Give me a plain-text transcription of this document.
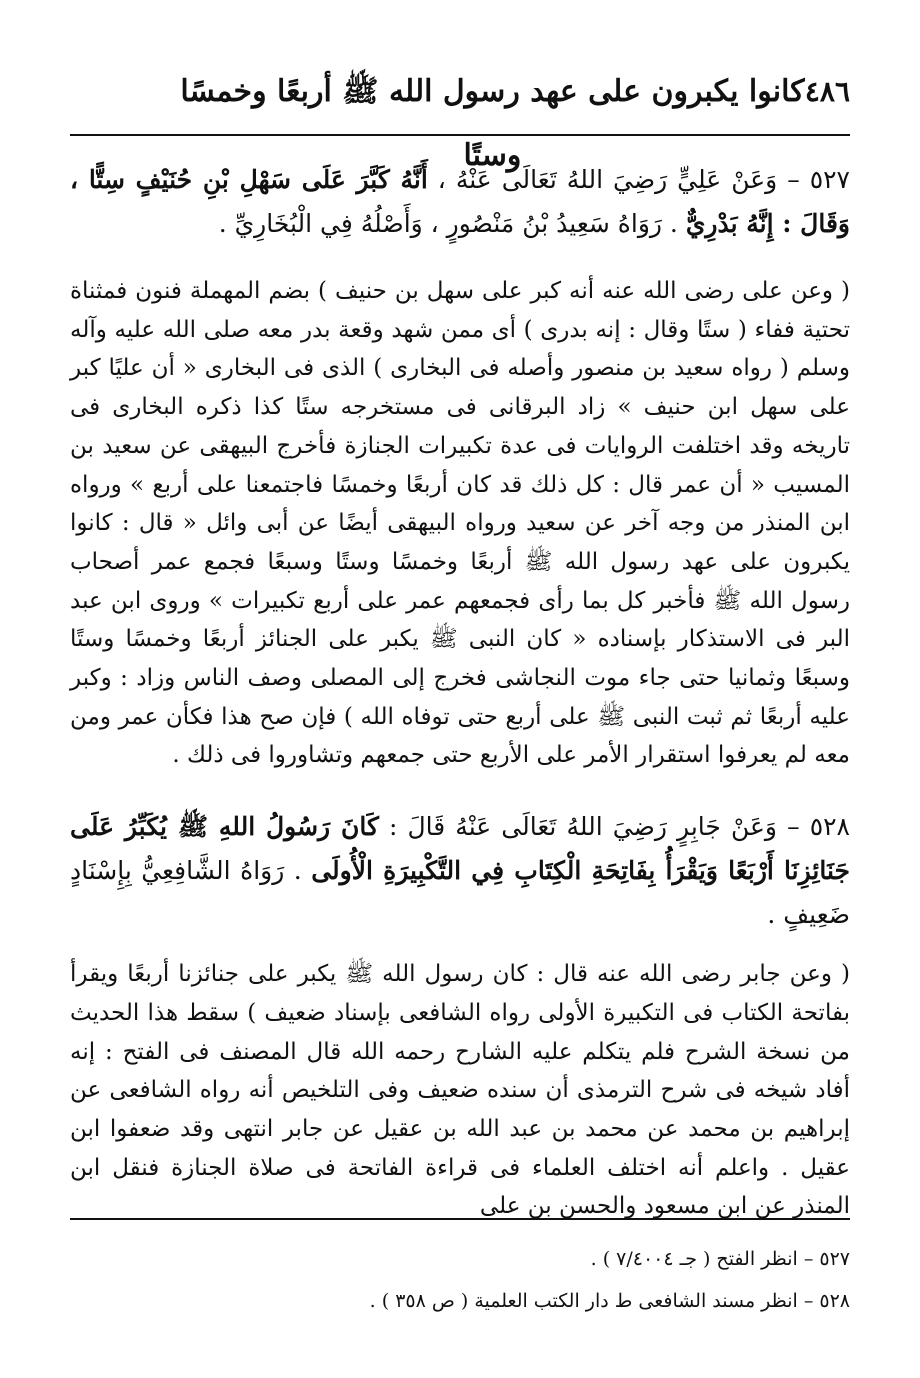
٤٨٦
كانوا يكبرون على عهد رسول الله ﷺ أربعًا وخمسًا وستًا
٥٢٧ – وَعَنْ عَلِيٍّ رَضِيَ اللهُ تَعَالَى عَنْهُ ، أَنَّهُ كَبَّرَ عَلَى سَهْلِ بْنِ حُنَيْفٍ سِتًّا ، وَقَالَ : إِنَّهُ بَدْرِيٌّ . رَوَاهُ سَعِيدُ بْنُ مَنْصُورٍ ، وَأَصْلُهُ فِي الْبُخَارِيِّ .
( وعن على رضى الله عنه أنه كبر على سهل بن حنيف ) بضم المهملة فنون فمثناة تحتية ففاء ( ستًا وقال : إنه بدرى ) أى ممن شهد وقعة بدر معه صلى الله عليه وآله وسلم ( رواه سعيد بن منصور وأصله فى البخارى ) الذى فى البخارى « أن عليًا كبر على سهل ابن حنيف » زاد البرقانى فى مستخرجه ستًا كذا ذكره البخارى فى تاريخه وقد اختلفت الروايات فى عدة تكبيرات الجنازة فأخرج البيهقى عن سعيد بن المسيب « أن عمر قال : كل ذلك قد كان أربعًا وخمسًا فاجتمعنا على أربع » ورواه ابن المنذر من وجه آخر عن سعيد ورواه البيهقى أيضًا عن أبى وائل « قال : كانوا يكبرون على عهد رسول الله ﷺ أربعًا وخمسًا وستًا وسبعًا فجمع عمر أصحاب رسول الله ﷺ فأخبر كل بما رأى فجمعهم عمر على أربع تكبيرات » وروى ابن عبد البر فى الاستذكار بإسناده « كان النبى ﷺ يكبر على الجنائز أربعًا وخمسًا وستًا وسبعًا وثمانيا حتى جاء موت النجاشى فخرج إلى المصلى وصف الناس وزاد : وكبر عليه أربعًا ثم ثبت النبى ﷺ على أربع حتى توفاه الله ) فإن صح هذا فكأن عمر ومن معه لم يعرفوا استقرار الأمر على الأربع حتى جمعهم وتشاوروا فى ذلك .
٥٢٨ – وَعَنْ جَابِرٍ رَضِيَ اللهُ تَعَالَى عَنْهُ قَالَ : كَانَ رَسُولُ اللهِ ﷺ يُكَبِّرُ عَلَى جَنَائِزِنَا أَرْبَعًا وَيَقْرَأُ بِفَاتِحَةِ الْكِتَابِ فِي التَّكْبِيرَةِ الْأُولَى . رَوَاهُ الشَّافِعِيُّ بِإِسْنَادٍ ضَعِيفٍ .
( وعن جابر رضى الله عنه قال : كان رسول الله ﷺ يكبر على جنائزنا أربعًا ويقرأ بفاتحة الكتاب فى التكبيرة الأولى رواه الشافعى بإسناد ضعيف ) سقط هذا الحديث من نسخة الشرح فلم يتكلم عليه الشارح رحمه الله قال المصنف فى الفتح : إنه أفاد شيخه فى شرح الترمذى أن سنده ضعيف وفى التلخيص أنه رواه الشافعى عن إبراهيم بن محمد عن محمد بن عبد الله بن عقيل عن جابر انتهى وقد ضعفوا ابن عقيل . واعلم أنه اختلف العلماء فى قراءة الفاتحة فى صلاة الجنازة فنقل ابن المنذر عن ابن مسعود والحسن بن على

٥٢٧ – انظر الفتح ( جـ ٧/٤٠٠٤ ) .

٥٢٨ – انظر مسند الشافعى ط دار الكتب العلمية ( ص ٣٥٨ ) .
